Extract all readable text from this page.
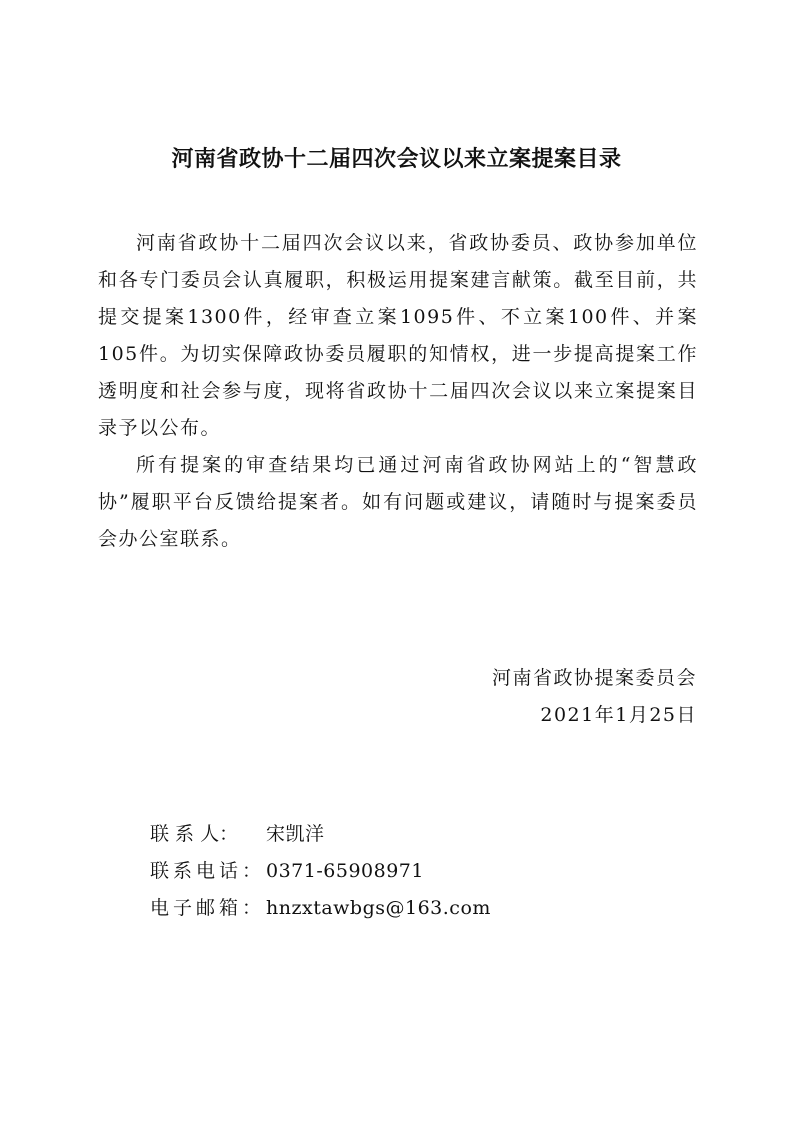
河南省政协十二届四次会议以来立案提案目录

河南省政协十二届四次会议以来，省政协委员、政协参加单位和各专门委员会认真履职，积极运用提案建言献策。截至目前，共提交提案1300件，经审查立案1095件、不立案100件、并案105件。为切实保障政协委员履职的知情权，进一步提高提案工作透明度和社会参与度，现将省政协十二届四次会议以来立案提案目录予以公布。

所有提案的审查结果均已通过河南省政协网站上的“智慧政协”履职平台反馈给提案者。如有问题或建议，请随时与提案委员会办公室联系。

河南省政协提案委员会
2021年1月25日
联 系 人： 宋凯洋
联系电话：0371-65908971
电子邮箱：hnzxtawbgs@163.com
